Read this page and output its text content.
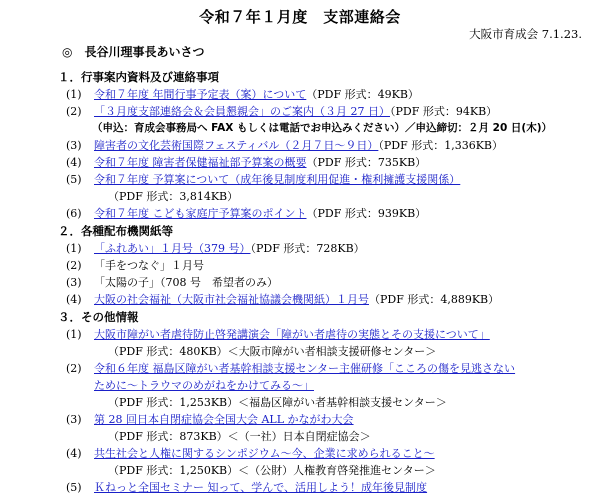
令和７年１月度　支部連絡会
大阪市育成会 7.1.23.
◎　長谷川理事長あいさつ
１．行事案内資料及び連絡事項
(1) 令和７年度 年間行事予定表（案）について（PDF 形式：49KB）
(2) 「３月度支部連絡会＆会員懇親会」のご案内（３月 27 日）（PDF 形式：94KB）
（申込：育成会事務局へ FAX もしくは電話でお申込みください）／申込締切：２月 20 日(木)）
(3) 障害者の文化芸術国際フェスティバル（２月７日～９日）（PDF 形式：1,336KB）
(4) 令和７年度 障害者保健福祉部予算案の概要（PDF 形式：735KB）
(5) 令和７年度 予算案について（成年後見制度利用促進・権利擁護支援関係）
（PDF 形式：3,814KB）
(6) 令和７年度 こども家庭庁予算案のポイント（PDF 形式：939KB）
２．各種配布機関紙等
(1) 「ふれあい」１月号（379 号）（PDF 形式：728KB）
(2) 「手をつなぐ」１月号
(3) 「太陽の子」（708 号　希望者のみ）
(4) 大阪の社会福祉（大阪市社会福祉協議会機関紙）１月号（PDF 形式：4,889KB）
３．その他情報
(1) 大阪市障がい者虐待防止啓発講演会「障がい者虐待の実態とその支援について」
（PDF 形式：480KB）＜大阪市障がい者相談支援研修センター＞
(2) 令和６年度 福島区障がい者基幹相談支援センター主催研修「こころの傷を見逃さない
ために～トラウマのめがねをかけてみる～」
（PDF 形式：1,253KB）＜福島区障がい者基幹相談支援センター＞
(3) 第 28 回日本自閉症協会全国大会 ALL かながわ大会
（PDF 形式：873KB）＜（一社）日本自閉症協会＞
(4) 共生社会と人権に関するシンポジウム～今、企業に求められること～
（PDF 形式：1,250KB）＜（公財）人権教育啓発推進センター＞
(5) Ｋねっと全国セミナー 知って、学んで、活用しよう！成年後見制度
